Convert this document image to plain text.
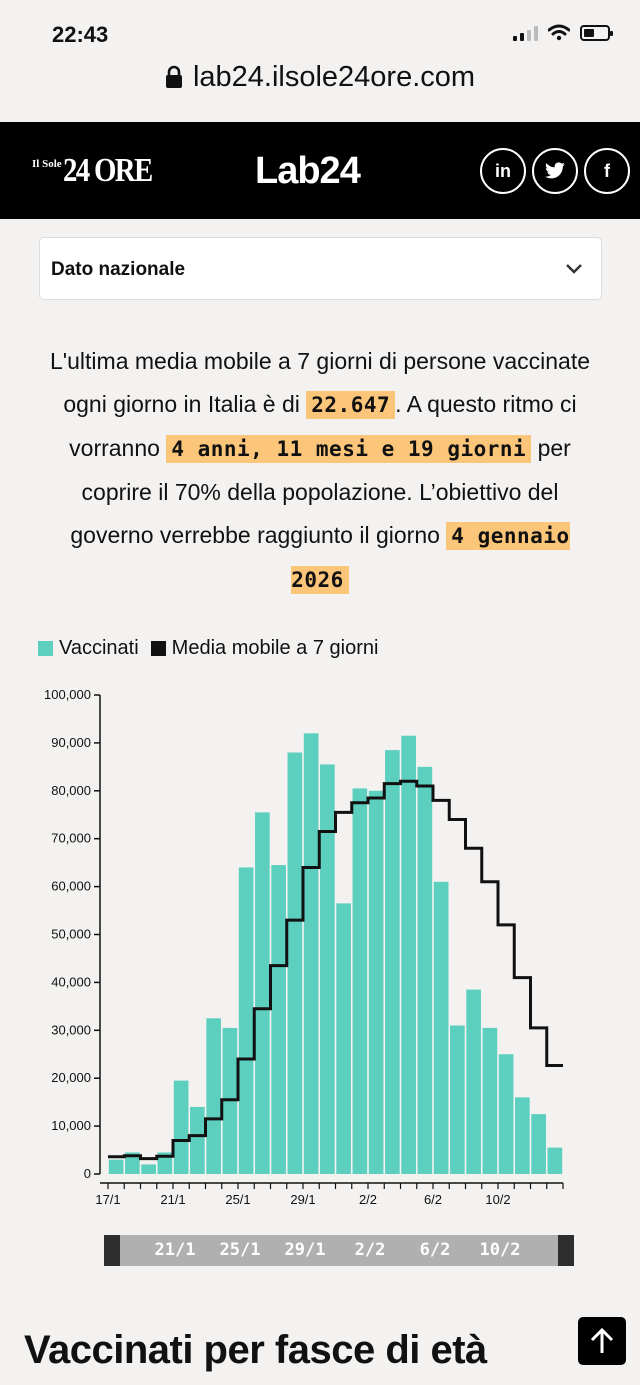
22:43
lab24.ilsole24ore.com
Il Sole 24 ORE	Lab24	in	f
Dato nazionale
L'ultima media mobile a 7 giorni di persone vaccinate ogni giorno in Italia è di 22.647 . A questo ritmo ci vorranno 4 anni, 11 mesi e 19 giorni per coprire il 70% della popolazione. L’obiettivo del governo verrebbe raggiunto il giorno 4 gennaio 2026
Vaccinati Media mobile a 7 giorni
0
10,000
20,000
30,000
40,000
50,000
60,000
70,000
80,000
90,000
100,000
17/1	21/1	25/1	29/1	2/2	6/2	10/2
21/1 25/1 29/1 2/2 6/2 10/2
Vaccinati per fasce di età
